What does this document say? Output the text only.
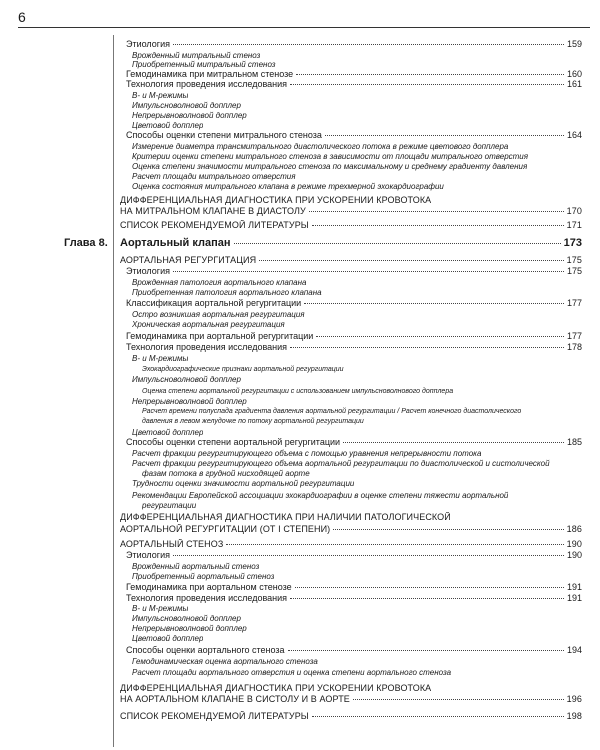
6
Этиология	159
Врожденный митральный стеноз
Приобретенный митральный стеноз
Гемодинамика при митральном стенозе	160
Технология проведения исследования	161
В- и М-режимы
Импульсноволновой допплер
Непрерывноволновой допплер
Цветовой допплер
Способы оценки степени митрального стеноза	164
Измерение диаметра трансмитрального диастолического потока в режиме цветового допплера
Критерии оценки степени митрального стеноза в зависимости от площади митрального отверстия
Оценка степени значимости митрального стеноза по максимальному и среднему градиенту давления
Расчет площади митрального отверстия
Оценка состояния митрального клапана в режиме трехмерной эхокардиографии
ДИФФЕРЕНЦИАЛЬНАЯ ДИАГНОСТИКА ПРИ УСКОРЕНИИ КРОВОТОКА
НА МИТРАЛЬНОМ КЛАПАНЕ В ДИАСТОЛУ	170
СПИСОК РЕКОМЕНДУЕМОЙ ЛИТЕРАТУРЫ	171
Аортальный клапан	173
Глава 8.
АОРТАЛЬНАЯ РЕГУРГИТАЦИЯ	175
Этиология	175
Врожденная патология аортального клапана
Приобретенная патология аортального клапана
Классификация аортальной регургитации	177
Остро возникшая аортальная регургитация
Хроническая аортальная регургитация
Гемодинамика при аортальной регургитации	177
Технология проведения исследования	178
В- и М-режимы
Эхокардиографические признаки аортальной регургитации
Импульсноволновой допплер
Оценка степени аортальной регургитации с использованием импульсноволнового допплера
Непрерывноволновой допплер
Расчет времени полуспада градиента давления аортальной регургитации / Расчет конечного диастолического
давления в левом желудочке по потоку аортальной регургитации
Цветовой допплер
Способы оценки степени аортальной регургитации	185
Расчет фракции регургитирующего объема с помощью уравнения непрерывности потока
Расчет фракции регургитирующего объема аортальной регургитации по диастолической и систолической
фазам потока в грудной нисходящей аорте
Трудности оценки значимости аортальной регургитации
Рекомендации Европейской ассоциации эхокардиографии в оценке степени тяжести аортальной
регургитации
ДИФФЕРЕНЦИАЛЬНАЯ ДИАГНОСТИКА ПРИ НАЛИЧИИ ПАТОЛОГИЧЕСКОЙ
АОРТАЛЬНОЙ РЕГУРГИТАЦИИ (ОТ I СТЕПЕНИ)	186
АОРТАЛЬНЫЙ СТЕНОЗ	190
Этиология	190
Врожденный аортальный стеноз
Приобретенный аортальный стеноз
Гемодинамика при аортальном стенозе	191
Технология проведения исследования	191
В- и М-режимы
Импульсноволновой допплер
Непрерывноволновой допплер
Цветовой допплер
Способы оценки аортального стеноза	194
Гемодинамическая оценка аортального стеноза
Расчет площади аортального отверстия и оценка степени аортального стеноза
ДИФФЕРЕНЦИАЛЬНАЯ ДИАГНОСТИКА ПРИ УСКОРЕНИИ КРОВОТОКА
НА АОРТАЛЬНОМ КЛАПАНЕ В СИСТОЛУ И В АОРТЕ	196
СПИСОК РЕКОМЕНДУЕМОЙ ЛИТЕРАТУРЫ	198
